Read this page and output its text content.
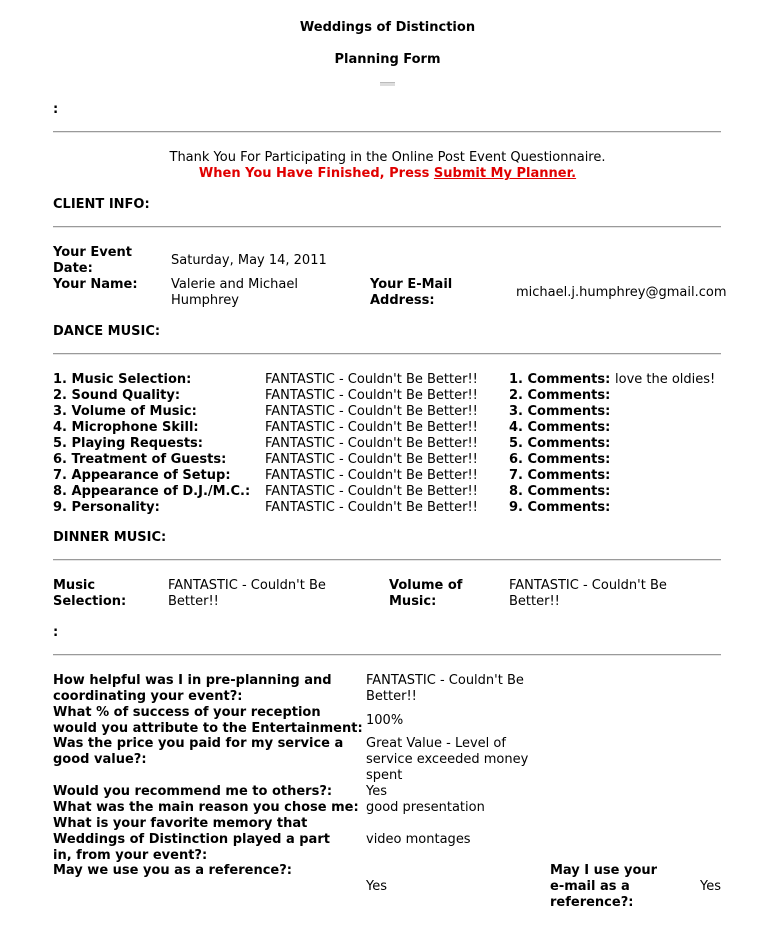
Weddings of Distinction
Planning Form
:
Thank You For Participating in the Online Post Event Questionnaire.
When You Have Finished, Press Submit My Planner.
CLIENT INFO:
Your Event Date:
Saturday, May 14, 2011
Your Name:	Valerie and Michael Humphrey
Your E-Mail Address:
michael.j.humphrey@gmail.com
DANCE MUSIC:
1. Music Selection:	FANTASTIC - Couldn't Be Better!! 1. Comments: love the oldies!
2. Sound Quality:	FANTASTIC - Couldn't Be Better!! 2. Comments:
3. Volume of Music:	FANTASTIC - Couldn't Be Better!! 3. Comments:
4. Microphone Skill:	FANTASTIC - Couldn't Be Better!! 4. Comments:
5. Playing Requests:	FANTASTIC - Couldn't Be Better!! 5. Comments:
6. Treatment of Guests:	FANTASTIC - Couldn't Be Better!! 6. Comments:
7. Appearance of Setup:	FANTASTIC - Couldn't Be Better!! 7. Comments:
8. Appearance of D.J./M.C.: FANTASTIC - Couldn't Be Better!! 8. Comments:
9. Personality:	FANTASTIC - Couldn't Be Better!! 9. Comments:
DINNER MUSIC:
Music Selection:
FANTASTIC - Couldn't Be Better!!
Volume of Music:
FANTASTIC - Couldn't Be Better!!
:
How helpful was I in pre-planning and coordinating your event?:
FANTASTIC - Couldn't Be Better!!
What % of success of your reception would you attribute to the Entertainment:
100%
Was the price you paid for my service a good value?:
Great Value - Level of service exceeded money spent
Would you recommend me to others?:	Yes
What was the main reason you chose me: good presentation
What is your favorite memory that Weddings of Distinction played a part in, from your event?:
video montages
May we use you as a reference?:
Yes
May I use your e-mail as a reference?:
Yes
